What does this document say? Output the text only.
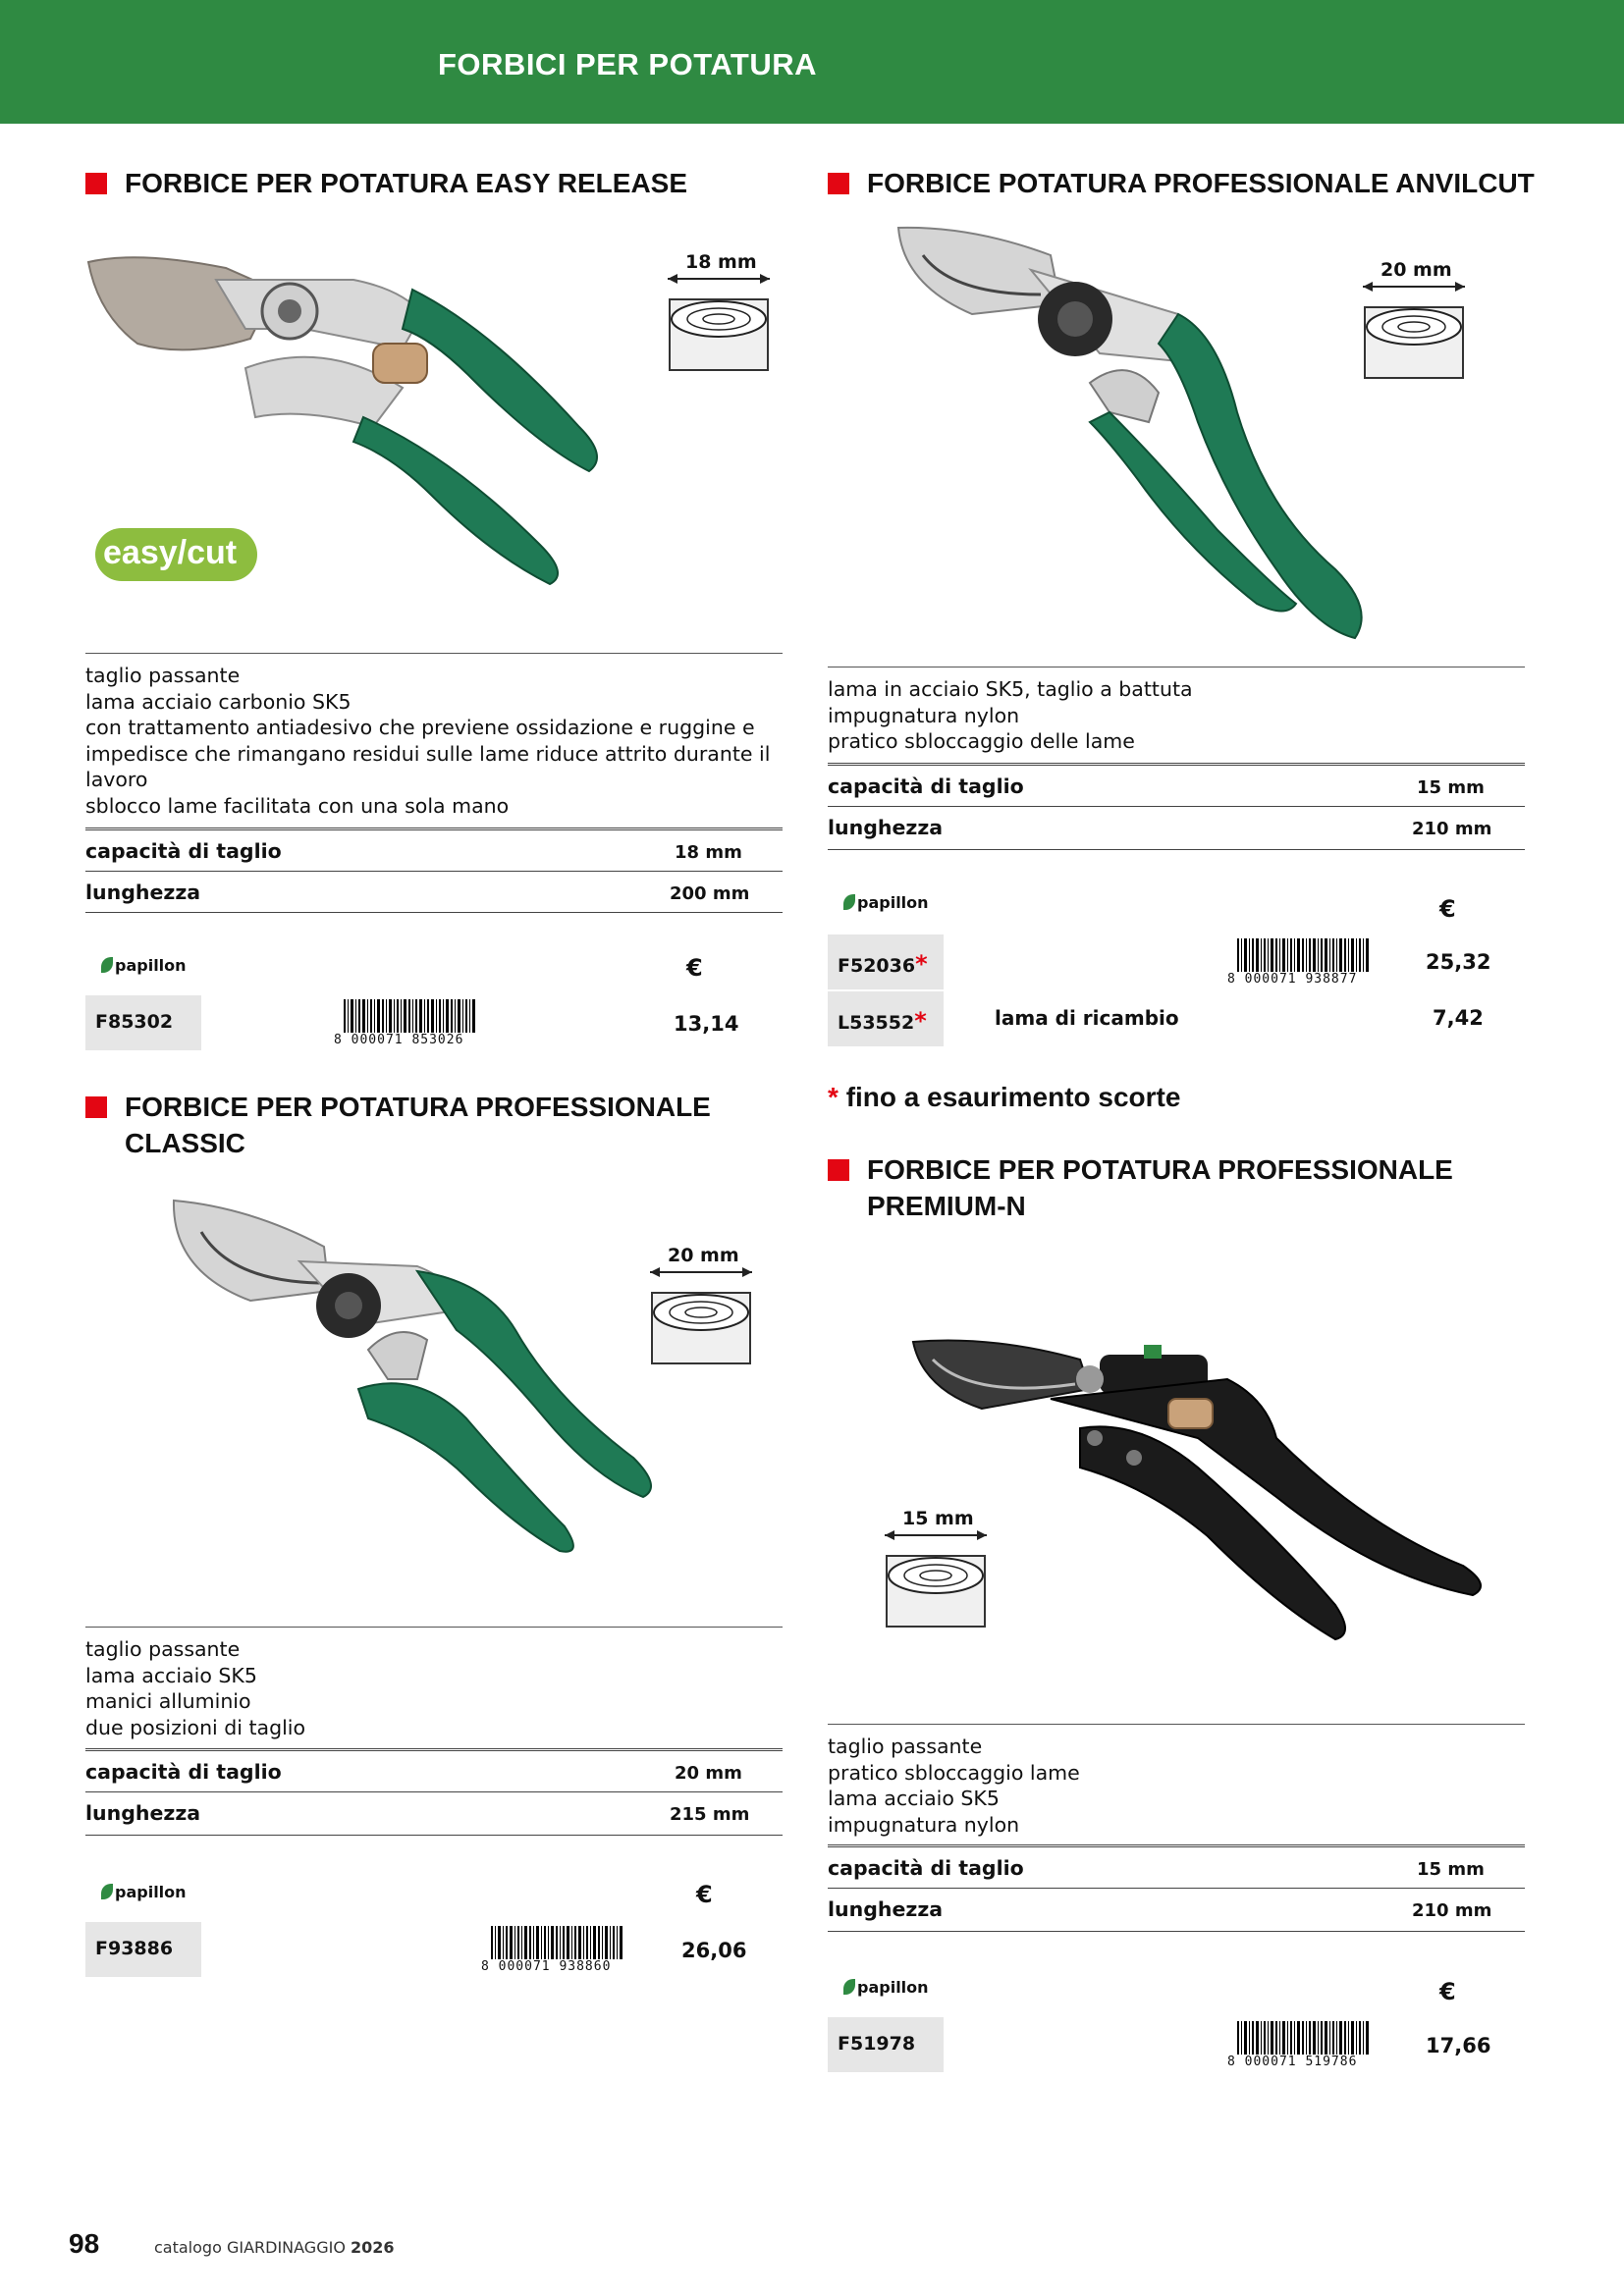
FORBICI PER POTATURA
FORBICE PER POTATURA EASY RELEASE
easy/cut
18 mm
taglio passante
lama acciaio carbonio SK5
con trattamento antiadesivo che previene ossidazione e ruggine e
impedisce che rimangano residui sulle lame riduce attrito durante il
lavoro
sblocco lame facilitata con una sola mano
capacità di taglio	18 mm
lunghezza	200 mm
papillon	€
F85302
8 000071 853026
13,14
FORBICE POTATURA PROFESSIONALE ANVILCUT
20 mm
lama in acciaio SK5, taglio a battuta
impugnatura nylon
pratico sbloccaggio delle lame
capacità di taglio	15 mm
lunghezza	210 mm
papillon	€
F52036*
8 000071 938877
25,32
L53552*	lama di ricambio	7,42
* fino a esaurimento scorte
FORBICE PER POTATURA PROFESSIONALE
CLASSIC
20 mm
taglio passante
lama acciaio SK5
manici alluminio
due posizioni di taglio
capacità di taglio	20 mm
lunghezza	215 mm
papillon	€
F93886
8 000071 938860
26,06
FORBICE PER POTATURA PROFESSIONALE
PREMIUM-N
15 mm
taglio passante
pratico sbloccaggio lame
lama acciaio SK5
impugnatura nylon
capacità di taglio	15 mm
lunghezza	210 mm
papillon	€
F51978
8 000071 519786
17,66
98	catalogo GIARDINAGGIO 2026
